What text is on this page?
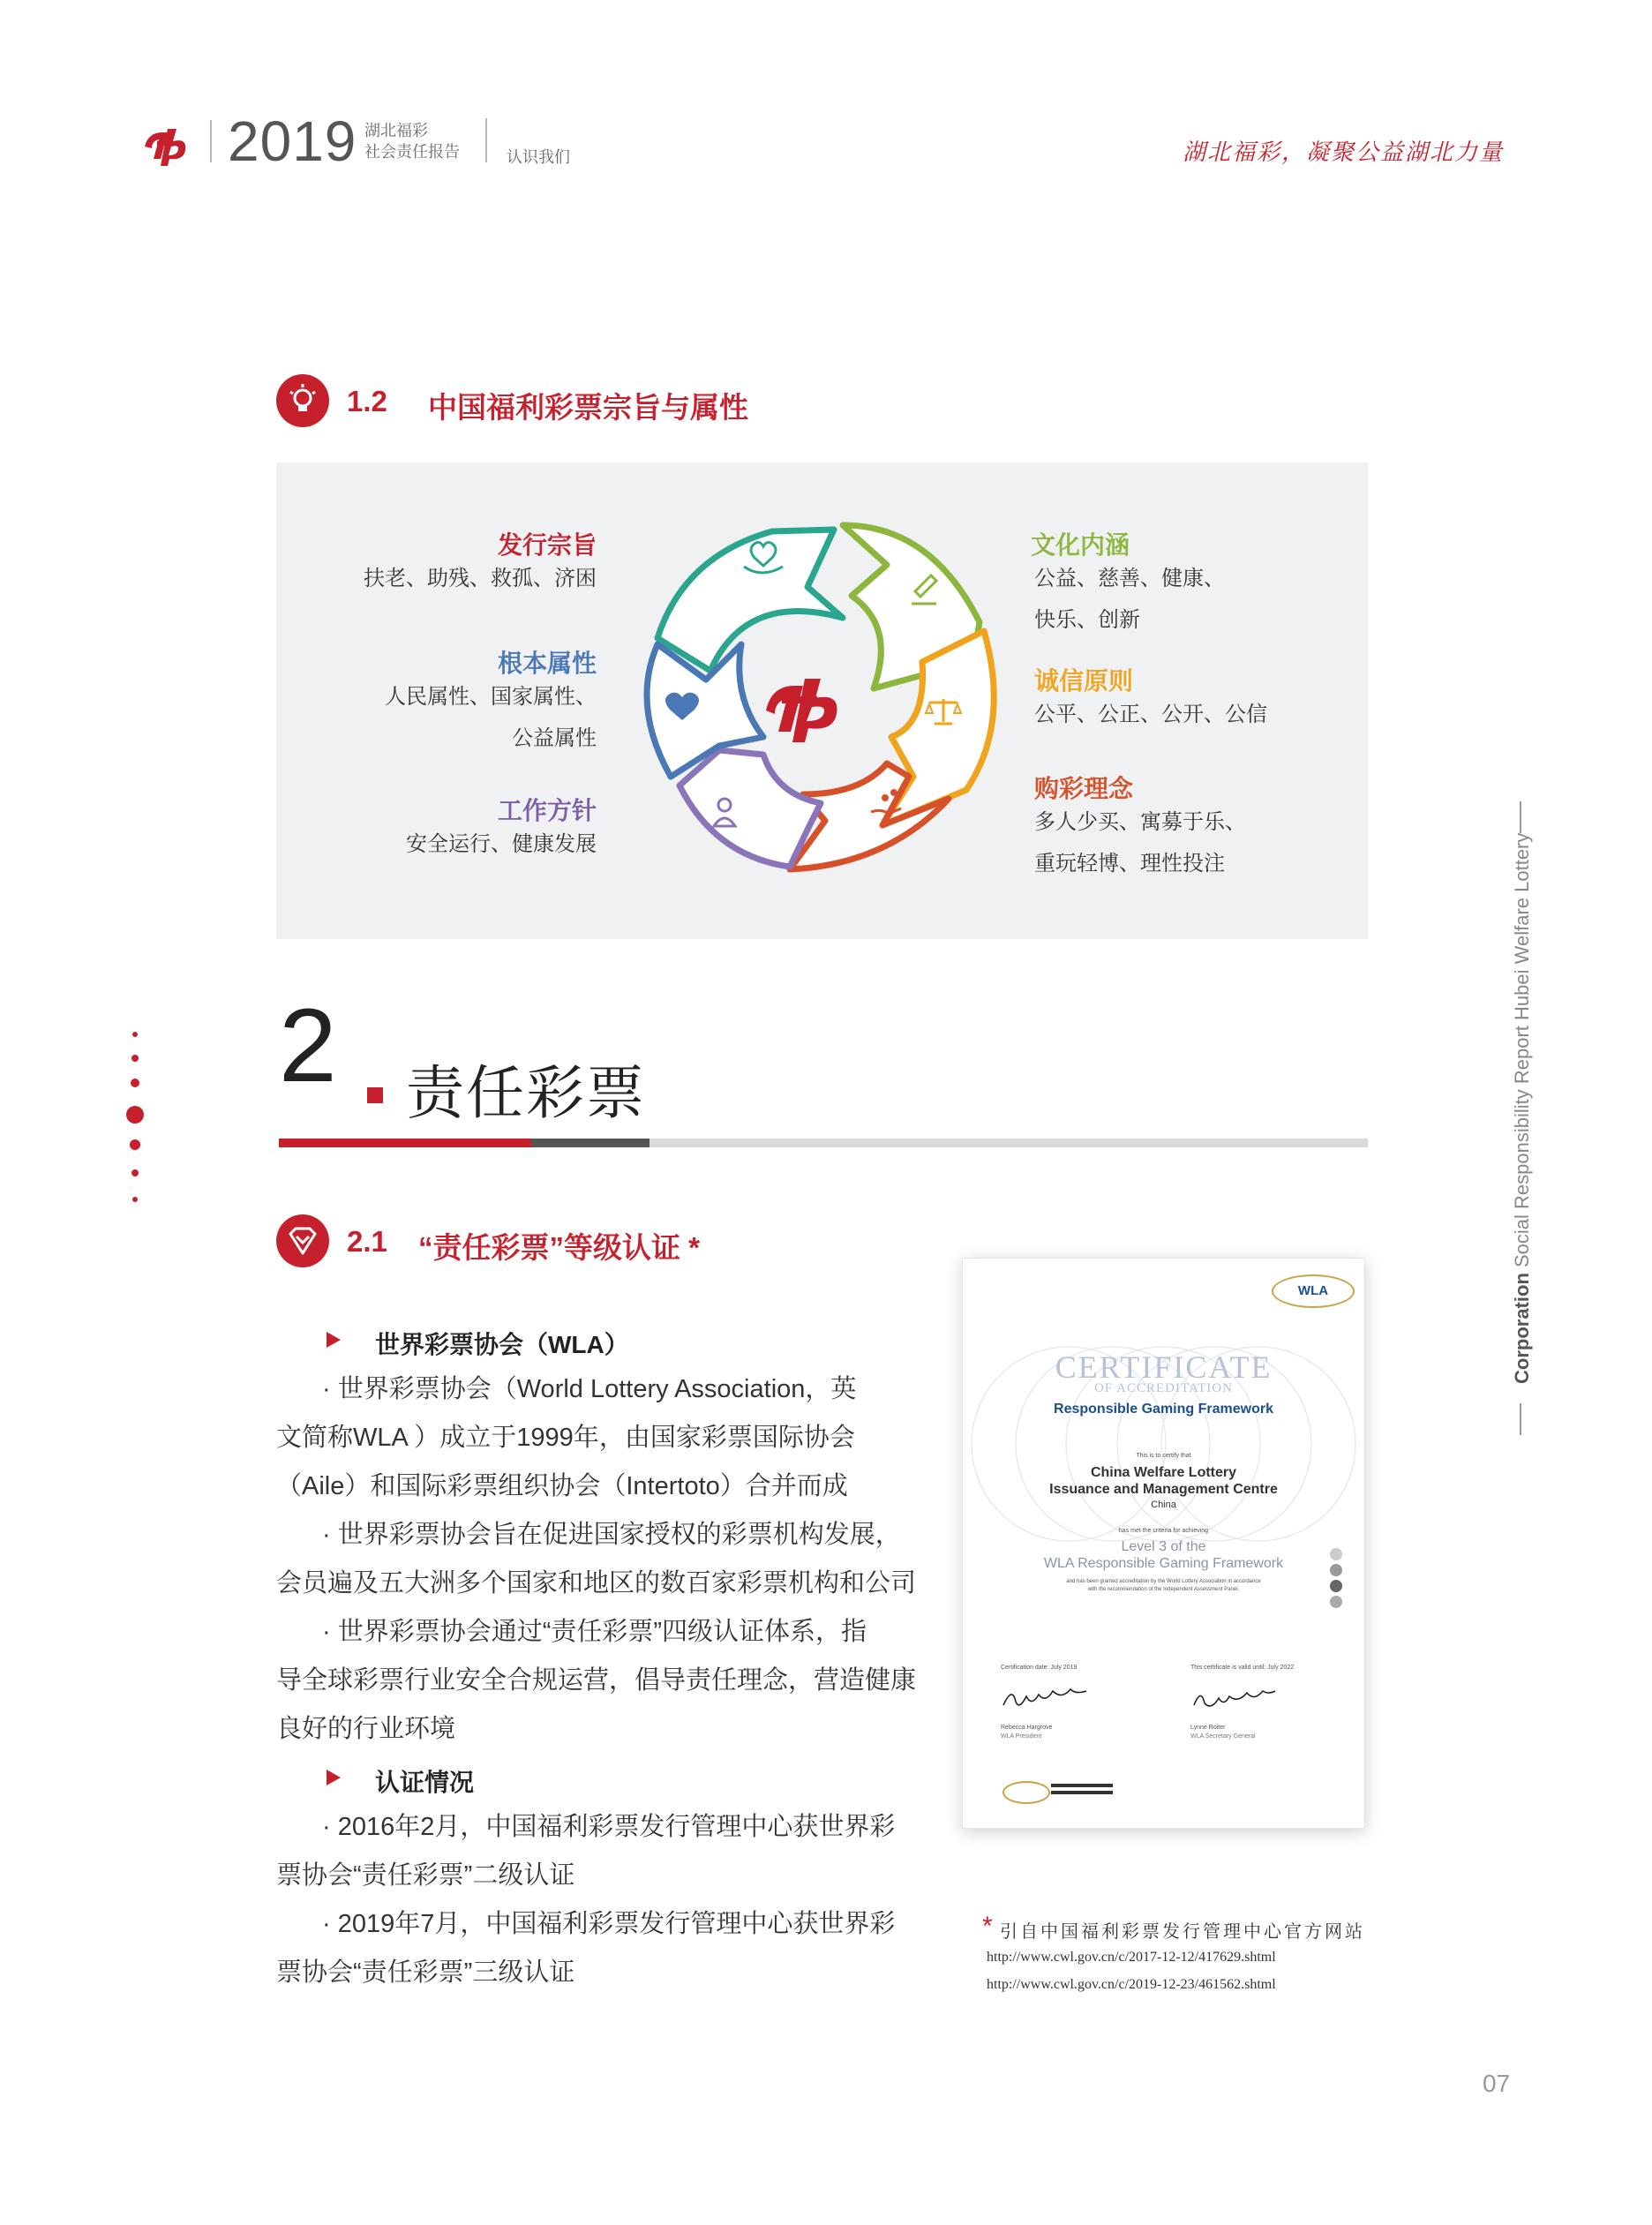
2019 湖北福彩
社会责任报告	认识我们	湖北福彩，凝聚公益湖北力量
1.2 中国福利彩票宗旨与属性
发行宗旨
扶老、助残、救孤、济困
根本属性
人民属性、国家属性、
公益属性
工作方针
安全运行、健康发展
文化内涵
公益、慈善、健康、
快乐、创新
诚信原则
公平、公正、公开、公信
购彩理念
多人少买、寓募于乐、
重玩轻博、理性投注
2 责任彩票
2.1 “责任彩票”等级认证 *
世界彩票协会（WLA）
· 世界彩票协会（World Lottery Association，英
文简称WLA ）成立于1999年，由国家彩票国际协会
（Aile）和国际彩票组织协会（Intertoto）合并而成
· 世界彩票协会旨在促进国家授权的彩票机构发展，
会员遍及五大洲多个国家和地区的数百家彩票机构和公司
· 世界彩票协会通过“责任彩票”四级认证体系，指
导全球彩票行业安全合规运营，倡导责任理念，营造健康
良好的行业环境
认证情况
· 2016年2月，中国福利彩票发行管理中心获世界彩
票协会“责任彩票”二级认证
· 2019年7月，中国福利彩票发行管理中心获世界彩
票协会“责任彩票”三级认证
WLA
CERTIFICATE
OF ACCREDITATION
Responsible Gaming Framework
This is to certify that
China Welfare Lottery
Issuance and Management Centre
China
has met the criteria for achieving
Level 3 of the
WLA Responsible Gaming Framework
and has been granted accreditation by the World Lottery Association in accordance
with the recommendation of the Independent Assessment Panel.
Certification date: July 2019	This certificate is valid until: July 2022
Rebecca Hargrove
WLA President
Lynne Roiter
WLA Secretary General
* 引自中国福利彩票发行管理中心官方网站
http://www.cwl.gov.cn/c/2017-12-12/417629.shtml
http://www.cwl.gov.cn/c/2019-12-23/461562.shtml
Corporation Social Responsibility Report Hubei Welfare Lottery
07
